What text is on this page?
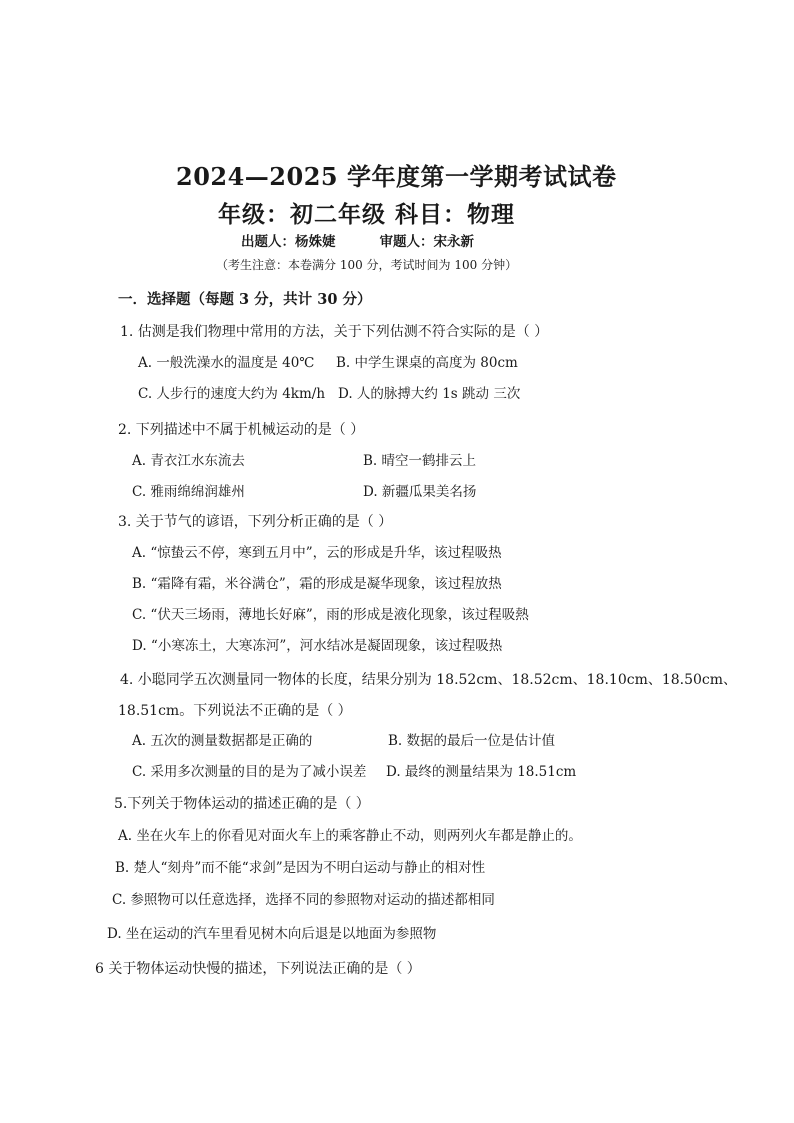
2024—2025 学年度第一学期考试试卷
年级：初二年级 科目：物理
出题人：杨姝婕	审题人：宋永新
（考生注意：本卷满分 100 分，考试时间为 100 分钟）
一．选择题（每题 3 分，共计 30 分）
1. 估测是我们物理中常用的方法，关于下列估测不符合实际的是（ ）
A. 一般洗澡水的温度是 40℃ B. 中学生课桌的高度为 80cm
C. 人步行的速度大约为 4km/h D. 人的脉搏大约 1s 跳动 三次
2. 下列描述中不属于机械运动的是（ ）
A. 青衣江水东流去	B. 晴空一鹤排云上
C. 雅雨绵绵润雄州	D. 新疆瓜果美名扬
3. 关于节气的谚语，下列分析正确的是（ ）
A. “惊蛰云不停，寒到五月中”，云的形成是升华，该过程吸热
B. “霜降有霜，米谷满仓”，霜的形成是凝华现象，该过程放热
C. “伏天三场雨，薄地长好麻”，雨的形成是液化现象，该过程吸熱
D. “小寒冻土，大寒冻河”，河水结冰是凝固现象，该过程吸热
4. 小聪同学五次测量同一物体的长度，结果分别为 18.52cm、18.52cm、18.10cm、18.50cm、
18.51cm。下列说法不正确的是（ ）
A. 五次的测量数据都是正确的	B. 数据的最后一位是估计值
C. 采用多次测量的目的是为了减小误差 D. 最终的测量结果为 18.51cm
5.下列关于物体运动的描述正确的是（ ）
A. 坐在火车上的你看见对面火车上的乘客静止不动，则两列火车都是静止的。
B. 楚人“刻舟”而不能“求剑”是因为不明白运动与静止的相对性
C. 参照物可以任意选择，选择不同的参照物对运动的描述都相同
D. 坐在运动的汽车里看见树木向后退是以地面为参照物
6 关于物体运动快慢的描述，下列说法正确的是（ ）
